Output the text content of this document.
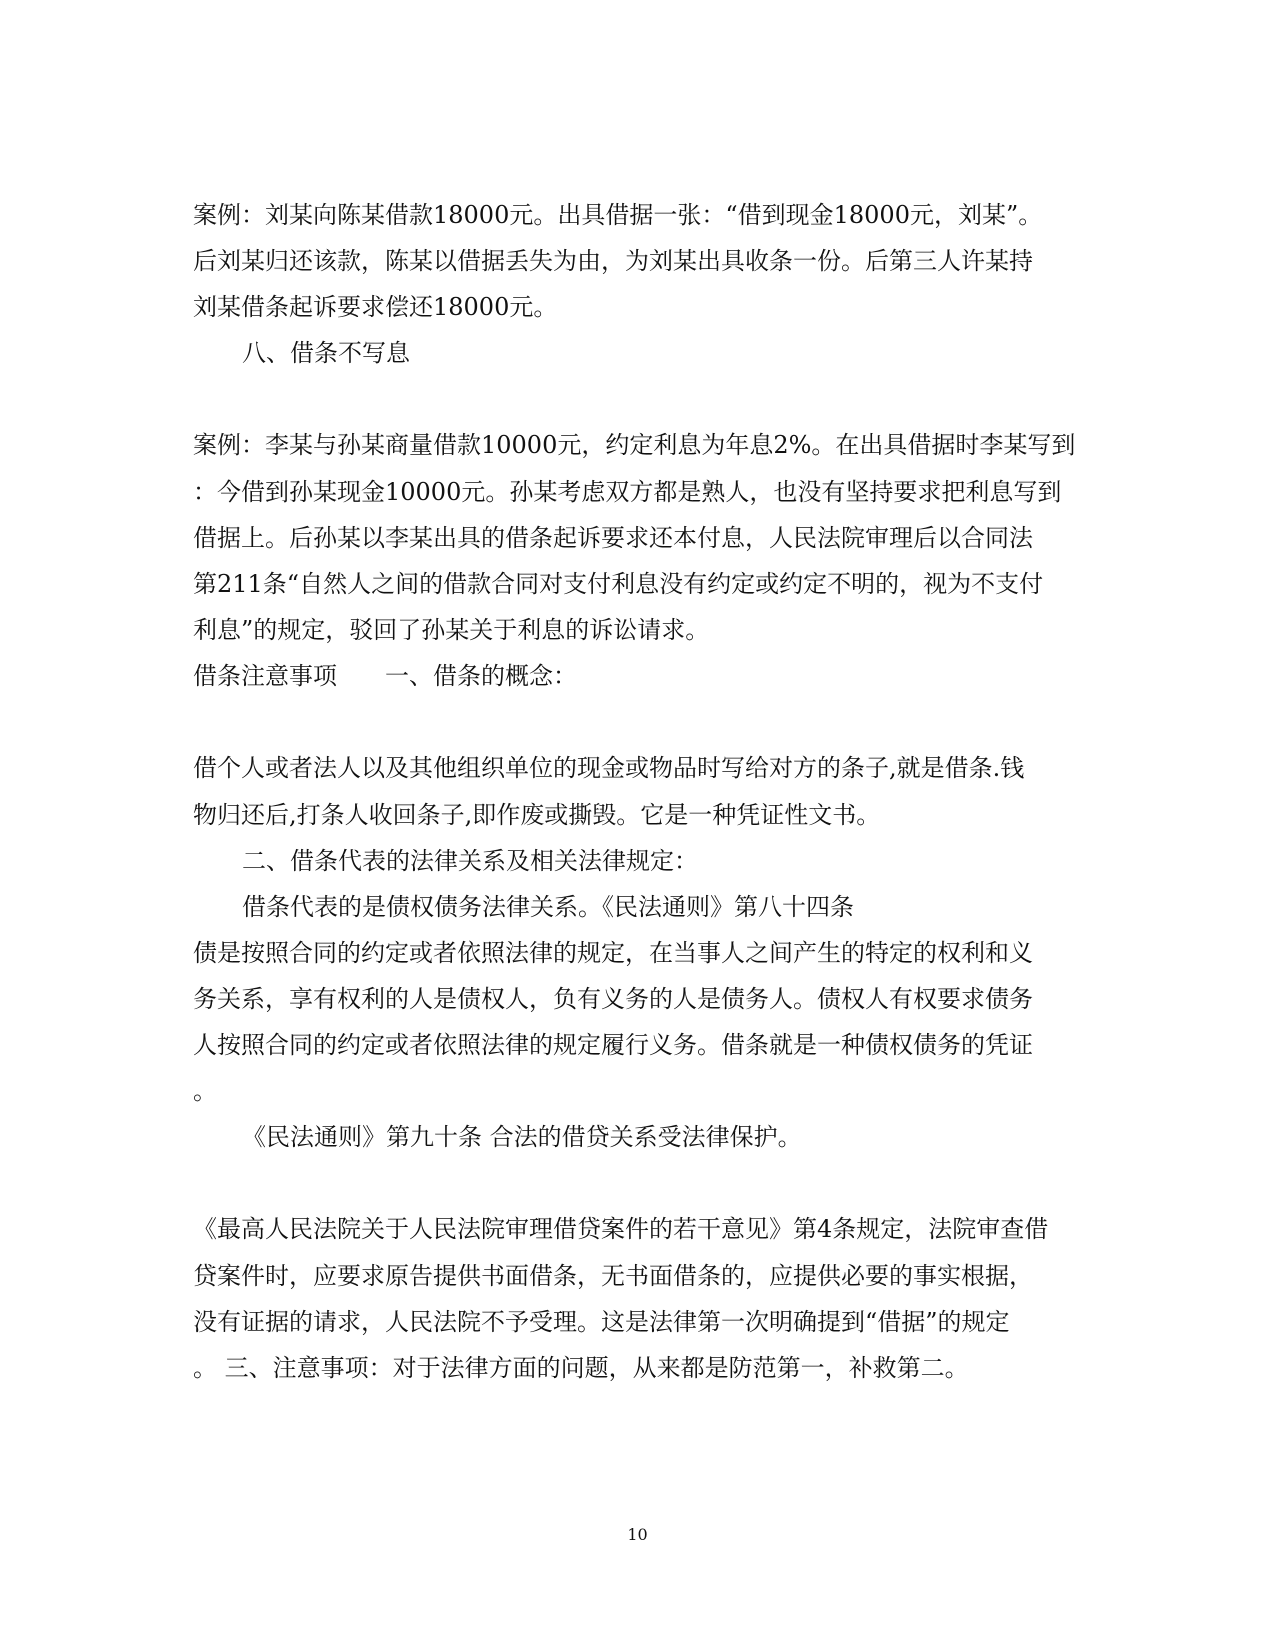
案例：刘某向陈某借款18000元。出具借据一张：“借到现金18000元，刘某”。
后刘某归还该款，陈某以借据丢失为由，为刘某出具收条一份。后第三人许某持
刘某借条起诉要求偿还18000元。
八、借条不写息
案例：李某与孙某商量借款10000元，约定利息为年息2%。在出具借据时李某写到
：今借到孙某现金10000元。孙某考虑双方都是熟人，也没有坚持要求把利息写到
借据上。后孙某以李某出具的借条起诉要求还本付息，人民法院审理后以合同法
第211条“自然人之间的借款合同对支付利息没有约定或约定不明的，视为不支付
利息”的规定，驳回了孙某关于利息的诉讼请求。
借条注意事项　　一、借条的概念：
借个人或者法人以及其他组织单位的现金或物品时写给对方的条子,就是借条.钱
物归还后,打条人收回条子,即作废或撕毁。它是一种凭证性文书。
二、借条代表的法律关系及相关法律规定：
借条代表的是债权债务法律关系。《民法通则》第八十四条
债是按照合同的约定或者依照法律的规定，在当事人之间产生的特定的权利和义
务关系，享有权利的人是债权人，负有义务的人是债务人。债权人有权要求债务
人按照合同的约定或者依照法律的规定履行义务。借条就是一种债权债务的凭证
。
《民法通则》第九十条 合法的借贷关系受法律保护。
《最高人民法院关于人民法院审理借贷案件的若干意见》第4条规定，法院审查借
贷案件时，应要求原告提供书面借条，无书面借条的，应提供必要的事实根据，
没有证据的请求，人民法院不予受理。这是法律第一次明确提到“借据”的规定
。 三、注意事项：对于法律方面的问题，从来都是防范第一，补救第二。
10
